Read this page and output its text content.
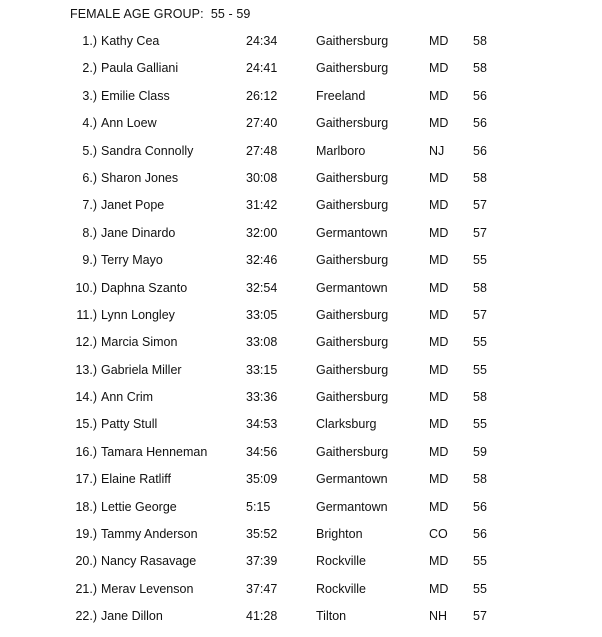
FEMALE AGE GROUP:  55 - 59
1.) Kathy Cea	24:34	Gaithersburg	MD 58
2.) Paula Galliani	24:41	Gaithersburg	MD 58
3.) Emilie Class	26:12	Freeland	MD 56
4.) Ann Loew	27:40	Gaithersburg	MD 56
5.) Sandra Connolly	27:48	Marlboro	NJ 56
6.) Sharon Jones	30:08	Gaithersburg	MD 58
7.) Janet Pope	31:42	Gaithersburg	MD 57
8.) Jane Dinardo	32:00	Germantown	MD 57
9.) Terry Mayo	32:46	Gaithersburg	MD 55
10.) Daphna Szanto	32:54	Germantown	MD 58
11.) Lynn Longley	33:05	Gaithersburg	MD 57
12.) Marcia Simon	33:08	Gaithersburg	MD 55
13.) Gabriela Miller	33:15	Gaithersburg	MD 55
14.) Ann Crim	33:36	Gaithersburg	MD 58
15.) Patty Stull	34:53	Clarksburg	MD 55
16.) Tamara Henneman	34:56	Gaithersburg	MD 59
17.) Elaine Ratliff	35:09	Germantown	MD 58
18.) Lettie George	5:15	Germantown	MD 56
19.) Tammy Anderson	35:52	Brighton	CO 56
20.) Nancy Rasavage	37:39	Rockville	MD 55
21.) Merav Levenson	37:47	Rockville	MD 55
22.) Jane Dillon	41:28	Tilton	NH 57
